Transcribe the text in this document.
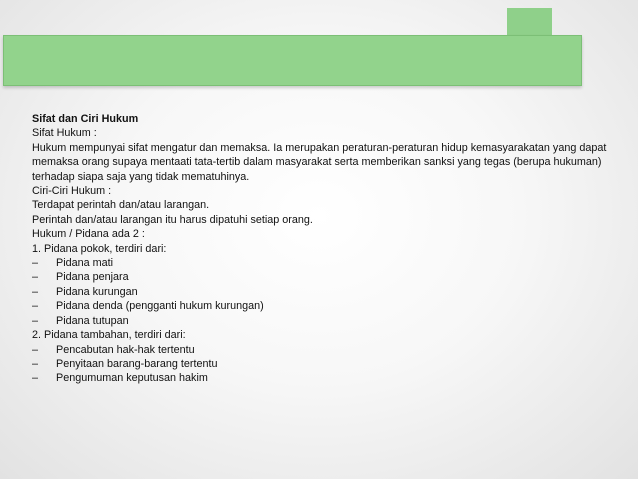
Sifat dan Ciri Hukum

Sifat Hukum :

Hukum mempunyai sifat mengatur dan memaksa. Ia merupakan peraturan-peraturan hidup kemasyarakatan yang dapat memaksa orang supaya mentaati tata-tertib dalam masyarakat serta memberikan sanksi yang tegas (berupa hukuman) terhadap siapa saja yang tidak mematuhinya.

Ciri-Ciri Hukum :

Terdapat perintah dan/atau larangan.

Perintah dan/atau larangan itu harus dipatuhi setiap orang.

Hukum / Pidana ada 2 :

1. Pidana pokok, terdiri dari:

–	Pidana mati
–	Pidana penjara
–	Pidana kurungan
–	Pidana denda (pengganti hukum kurungan)
–	Pidana tutupan

2. Pidana tambahan, terdiri dari:

–	Pencabutan hak-hak tertentu
–	Penyitaan barang-barang tertentu
–	Pengumuman keputusan hakim
